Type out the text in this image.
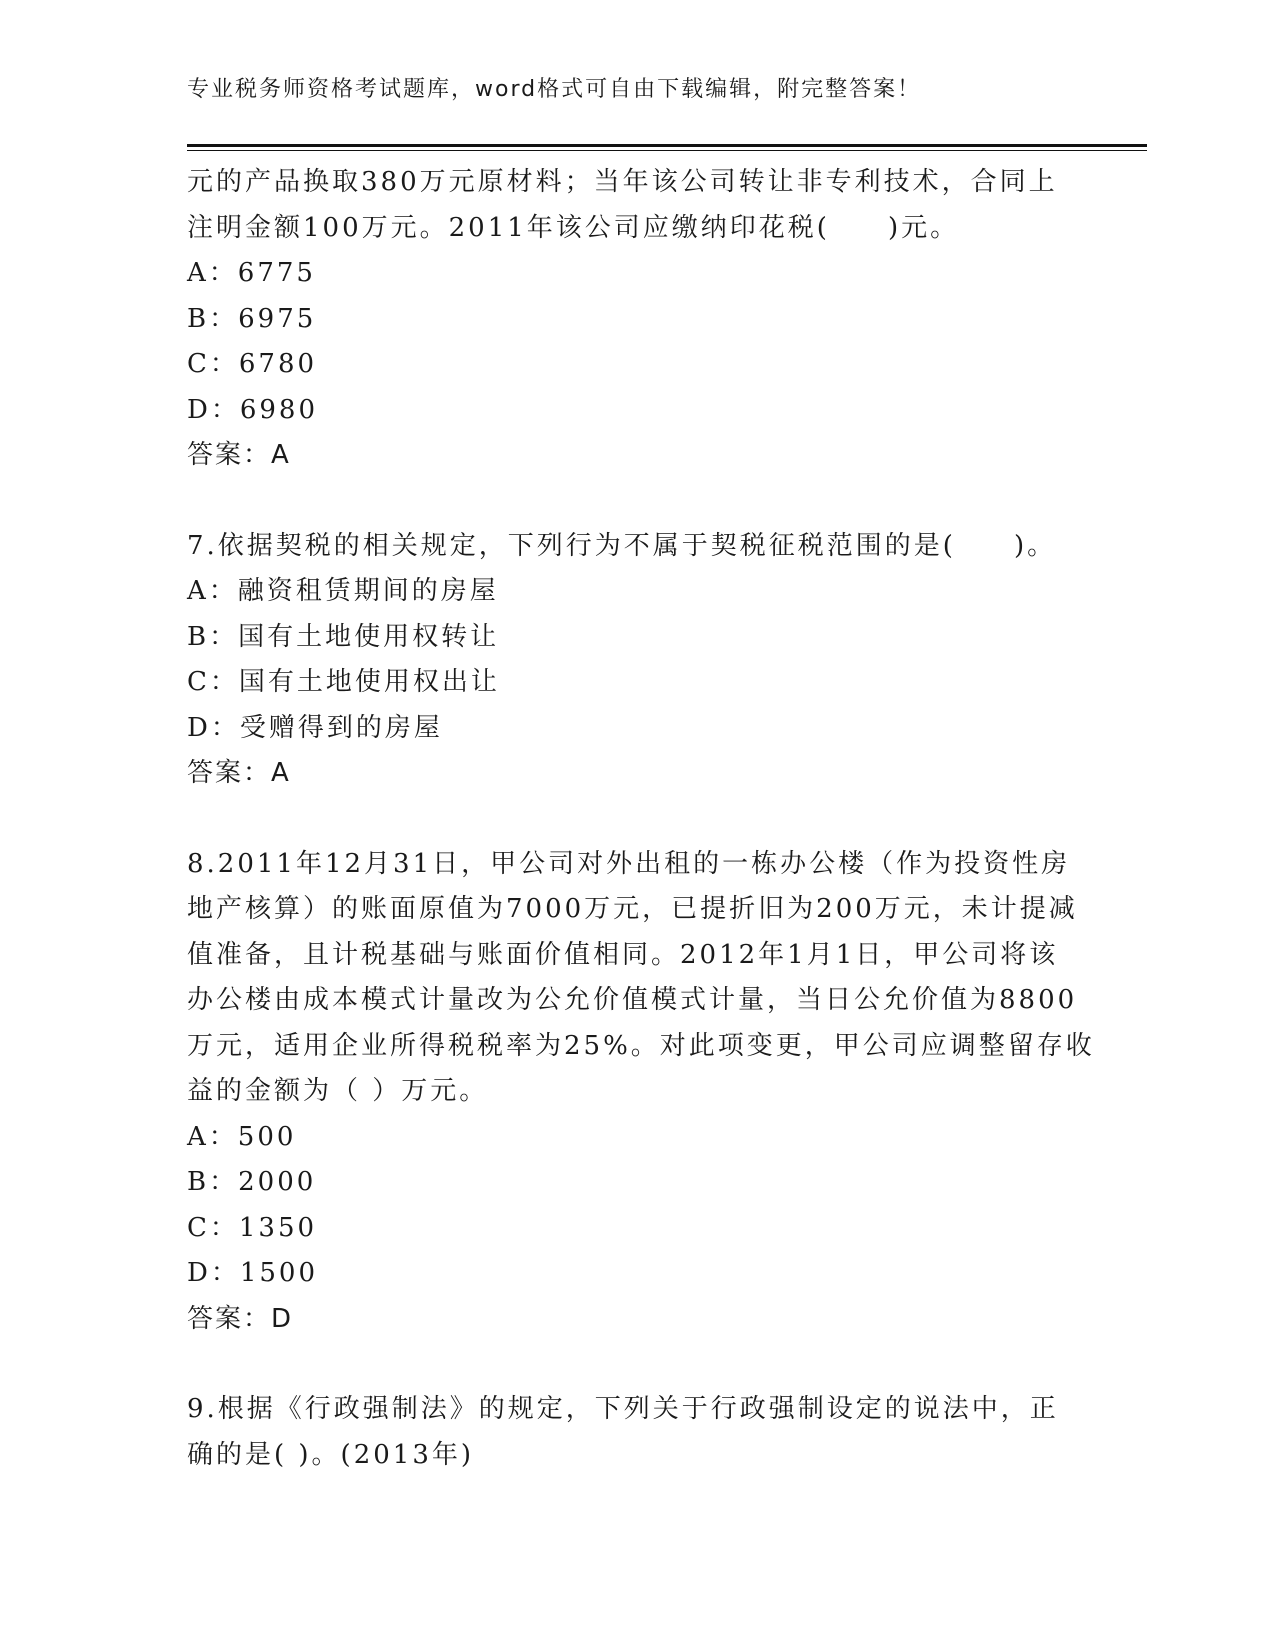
专业税务师资格考试题库，word格式可自由下载编辑，附完整答案！
元的产品换取380万元原材料；当年该公司转让非专利技术，合同上
注明金额100万元。2011年该公司应缴纳印花税(　　)元。
A：6775
B：6975
C：6780
D：6980
答案：A
7.依据契税的相关规定，下列行为不属于契税征税范围的是(　　)。
A：融资租赁期间的房屋
B：国有土地使用权转让
C：国有土地使用权出让
D：受赠得到的房屋
答案：A
8.2011年12月31日，甲公司对外出租的一栋办公楼（作为投资性房
地产核算）的账面原值为7000万元，已提折旧为200万元，未计提减
值准备，且计税基础与账面价值相同。2012年1月1日，甲公司将该
办公楼由成本模式计量改为公允价值模式计量，当日公允价值为8800
万元，适用企业所得税税率为25%。对此项变更，甲公司应调整留存收
益的金额为（ ）万元。
A：500
B：2000
C：1350
D：1500
答案：D
9.根据《行政强制法》的规定，下列关于行政强制设定的说法中，正
确的是( )。(2013年)
